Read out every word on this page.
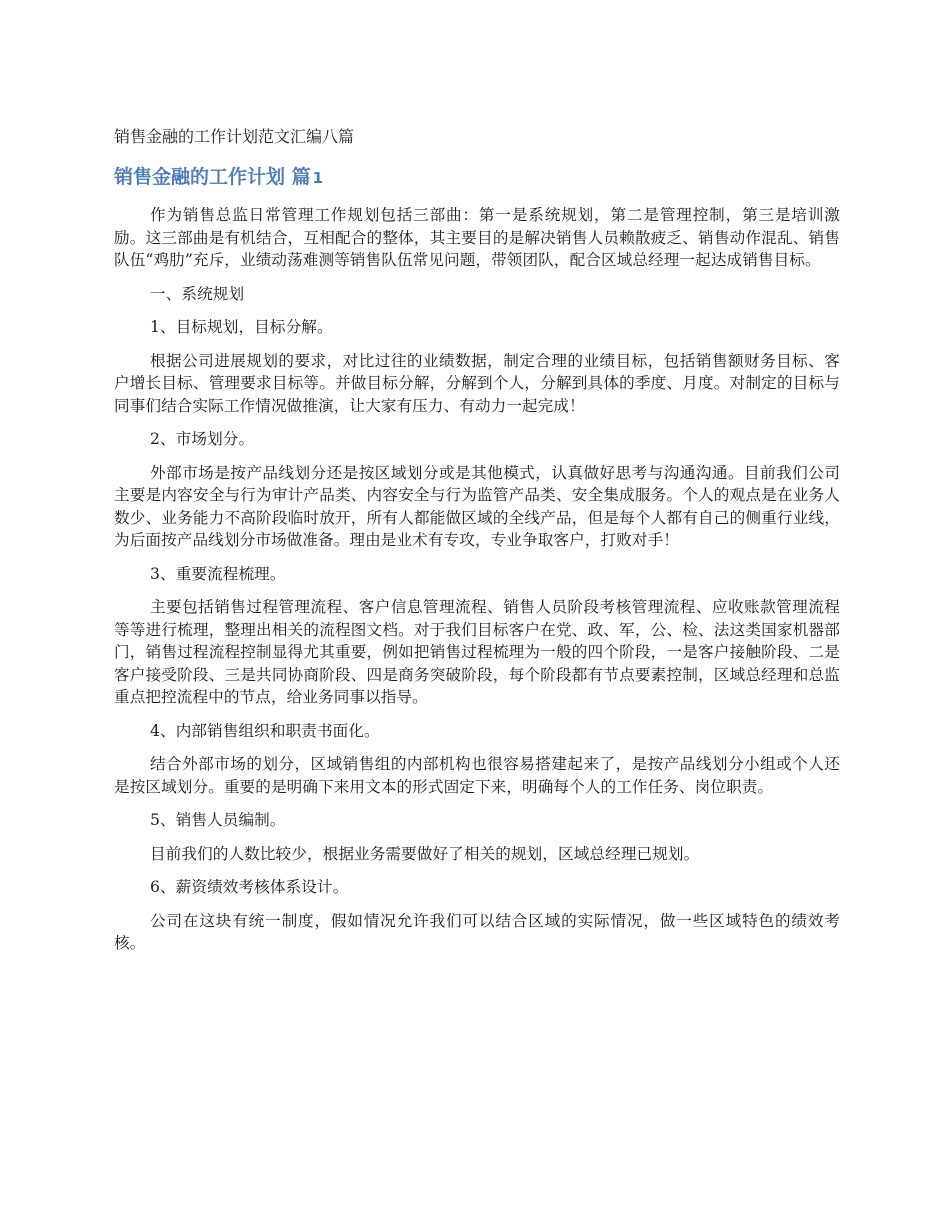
销售金融的工作计划范文汇编八篇
销售金融的工作计划 篇 1

作为销售总监日常管理工作规划包括三部曲：第一是系统规划，第二是管理控制，第三是培训激励。这三部曲是有机结合，互相配合的整体，其主要目的是解决销售人员赖散疲乏、销售动作混乱、销售队伍“鸡肋”充斥，业绩动荡难测等销售队伍常见问题，带领团队，配合区域总经理一起达成销售目标。

一、系统规划

1、目标规划，目标分解。

根据公司进展规划的要求，对比过往的业绩数据，制定合理的业绩目标，包括销售额财务目标、客户增长目标、管理要求目标等。并做目标分解，分解到个人，分解到具体的季度、月度。对制定的目标与同事们结合实际工作情况做推演，让大家有压力、有动力一起完成！

2、市场划分。

外部市场是按产品线划分还是按区域划分或是其他模式，认真做好思考与沟通沟通。目前我们公司主要是内容安全与行为审计产品类、内容安全与行为监管产品类、安全集成服务。个人的观点是在业务人数少、业务能力不高阶段临时放开，所有人都能做区域的全线产品，但是每个人都有自己的侧重行业线，为后面按产品线划分市场做准备。理由是业术有专攻，专业争取客户，打败对手！

3、重要流程梳理。

主要包括销售过程管理流程、客户信息管理流程、销售人员阶段考核管理流程、应收账款管理流程等等进行梳理，整理出相关的流程图文档。对于我们目标客户在党、政、军，公、检、法这类国家机器部门，销售过程流程控制显得尤其重要，例如把销售过程梳理为一般的四个阶段，一是客户接触阶段、二是客户接受阶段、三是共同协商阶段、四是商务突破阶段，每个阶段都有节点要素控制，区域总经理和总监重点把控流程中的节点，给业务同事以指导。

4、内部销售组织和职责书面化。

结合外部市场的划分，区域销售组的内部机构也很容易搭建起来了，是按产品线划分小组或个人还是按区域划分。重要的是明确下来用文本的形式固定下来，明确每个人的工作任务、岗位职责。

5、销售人员编制。

目前我们的人数比较少，根据业务需要做好了相关的规划，区域总经理已规划。

6、薪资绩效考核体系设计。

公司在这块有统一制度，假如情况允许我们可以结合区域的实际情况，做一些区域特色的绩效考核。
